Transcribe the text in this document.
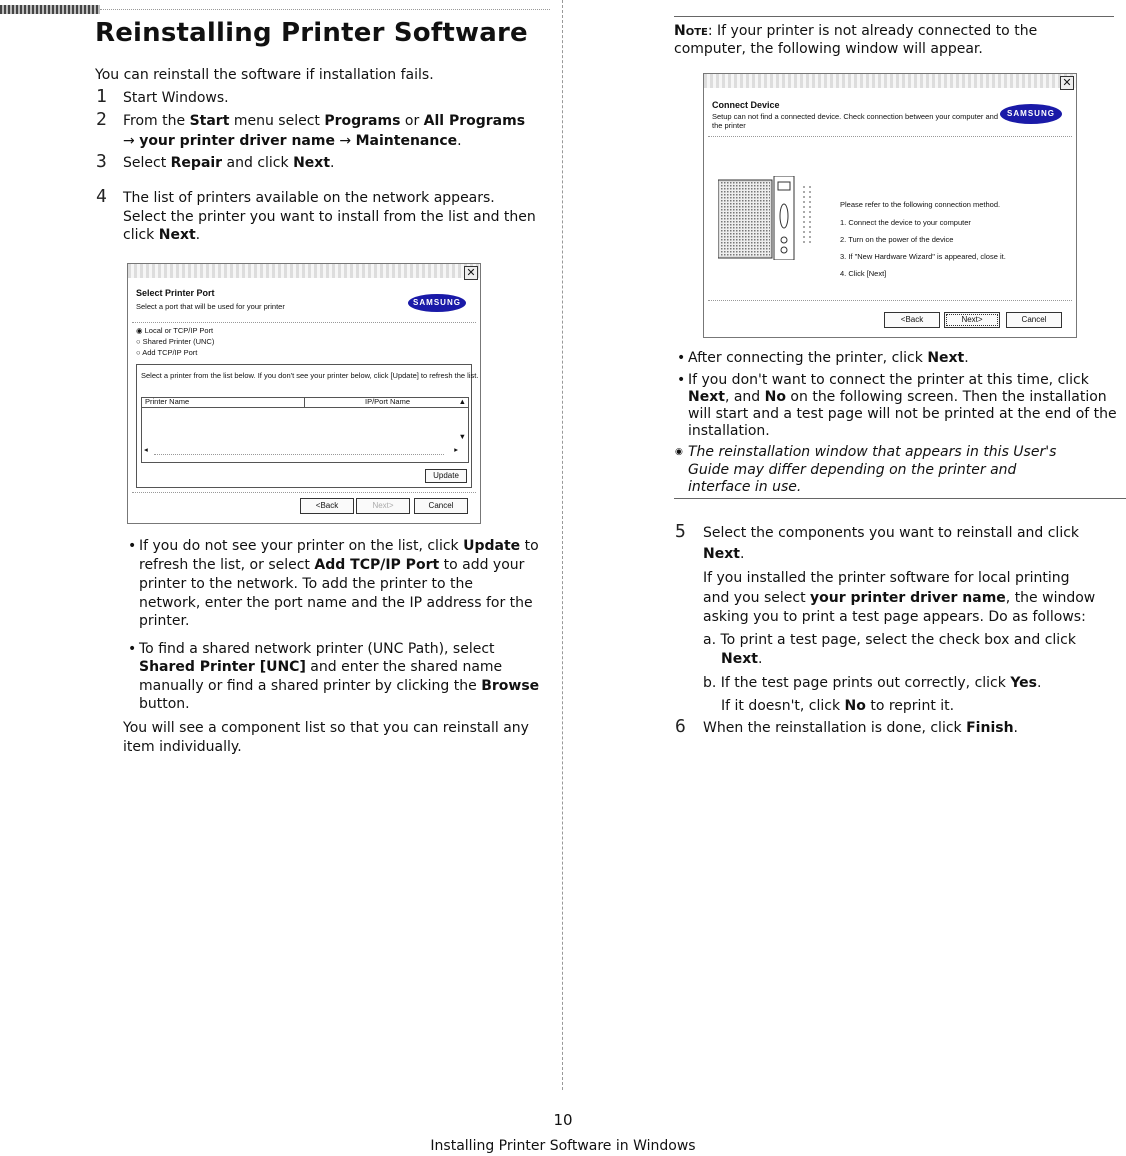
Reinstalling Printer Software
You can reinstall the software if installation fails.
1 Start Windows.
2 From the Start menu select Programs or All Programs
→ your printer driver name → Maintenance.
3 Select Repair and click Next.
4 The list of printers available on the network appears.
Select the printer you want to install from the list and then
click Next.
✕
Select Printer Port
Select a port that will be used for your printer	SAMSUNG
◉ Local or TCP/IP Port
○ Shared Printer (UNC)
○ Add TCP/IP Port
Select a printer from the list below. If you don't see your printer below, click [Update] to refresh the list.
Printer Name	IP/Port Name	▲
▼
◂	▸
Update
<Back	Next>	Cancel
• If you do not see your printer on the list, click Update to
refresh the list, or select Add TCP/IP Port to add your
printer to the network. To add the printer to the
network, enter the port name and the IP address for the
printer.
• To find a shared network printer (UNC Path), select
Shared Printer [UNC] and enter the shared name
manually or find a shared printer by clicking the Browse
button.
You will see a component list so that you can reinstall any
item individually.
Note: If your printer is not already connected to the
computer, the following window will appear.
✕
Connect Device
Setup can not find a connected device. Check connection between your computer and
the printer
SAMSUNG
Please refer to the following connection method.
1. Connect the device to your computer
2. Turn on the power of the device
3. If "New Hardware Wizard" is appeared, close it.
4. Click [Next]
<Back	Next>	Cancel
• After connecting the printer, click Next.
• If you don't want to connect the printer at this time, click
Next, and No on the following screen. Then the installation
will start and a test page will not be printed at the end of the
installation.
◉ The reinstallation window that appears in this User's
Guide may differ depending on the printer and
interface in use.
5 Select the components you want to reinstall and click
Next.
If you installed the printer software for local printing
and you select your printer driver name, the window
asking you to print a test page appears. Do as follows:
a. To print a test page, select the check box and click
Next.
b. If the test page prints out correctly, click Yes.
If it doesn't, click No to reprint it.
6 When the reinstallation is done, click Finish.
10
Installing Printer Software in Windows
